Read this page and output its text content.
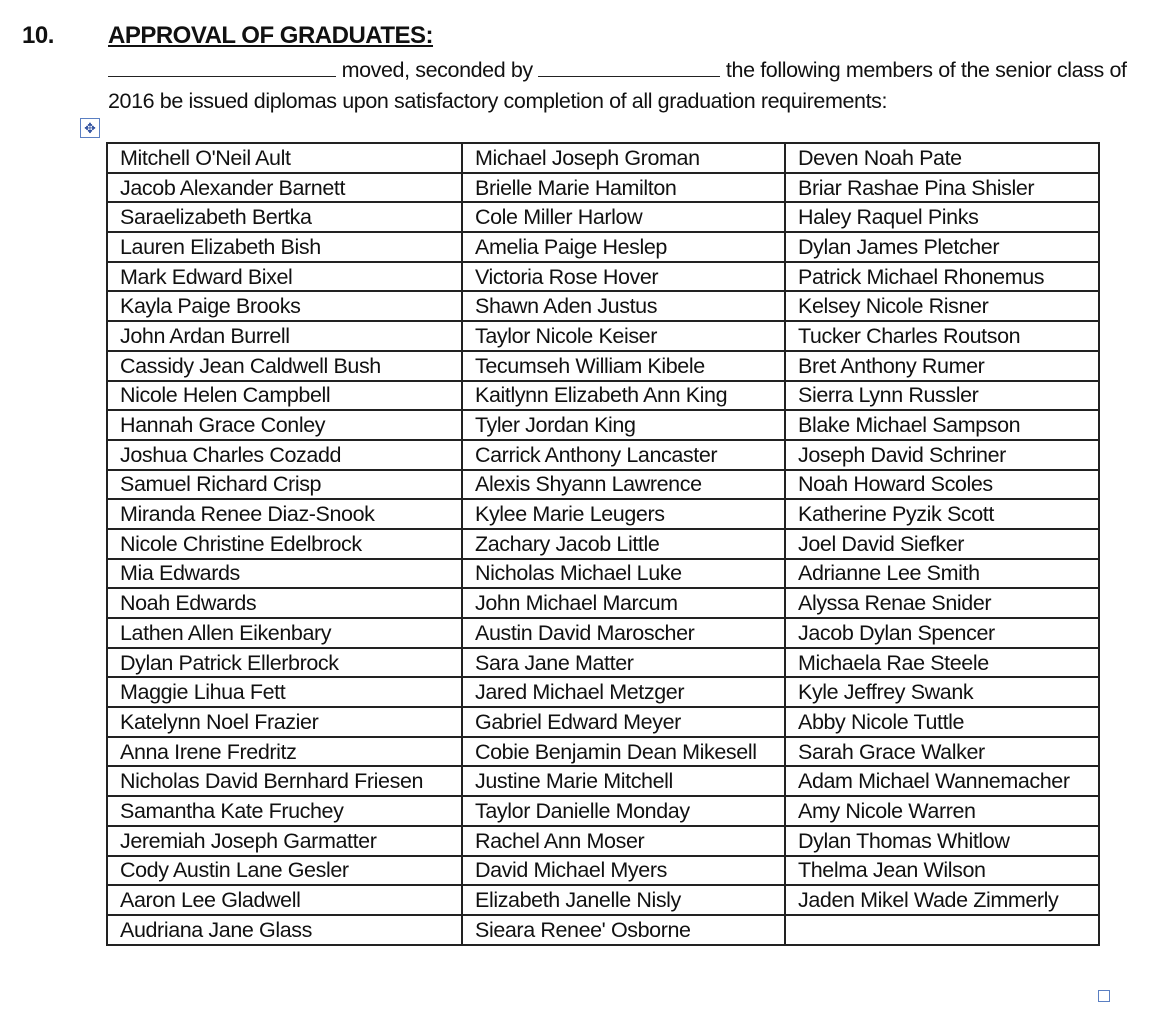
10. APPROVAL OF GRADUATES:
moved, seconded by	the following members of the senior class of 2016 be issued diplomas upon satisfactory completion of all graduation requirements:
✥
Mitchell O'Neil Ault	Michael Joseph Groman	Deven Noah Pate
Jacob Alexander Barnett	Brielle Marie Hamilton	Briar Rashae Pina Shisler
Saraelizabeth Bertka	Cole Miller Harlow	Haley Raquel Pinks
Lauren Elizabeth Bish	Amelia Paige Heslep	Dylan James Pletcher
Mark Edward Bixel	Victoria Rose Hover	Patrick Michael Rhonemus
Kayla Paige Brooks	Shawn Aden Justus	Kelsey Nicole Risner
John Ardan Burrell	Taylor Nicole Keiser	Tucker Charles Routson
Cassidy Jean Caldwell Bush	Tecumseh William Kibele	Bret Anthony Rumer
Nicole Helen Campbell	Kaitlynn Elizabeth Ann King	Sierra Lynn Russler
Hannah Grace Conley	Tyler Jordan King	Blake Michael Sampson
Joshua Charles Cozadd	Carrick Anthony Lancaster	Joseph David Schriner
Samuel Richard Crisp	Alexis Shyann Lawrence	Noah Howard Scoles
Miranda Renee Diaz-Snook	Kylee Marie Leugers	Katherine Pyzik Scott
Nicole Christine Edelbrock	Zachary Jacob Little	Joel David Siefker
Mia Edwards	Nicholas Michael Luke	Adrianne Lee Smith
Noah Edwards	John Michael Marcum	Alyssa Renae Snider
Lathen Allen Eikenbary	Austin David Maroscher	Jacob Dylan Spencer
Dylan Patrick Ellerbrock	Sara Jane Matter	Michaela Rae Steele
Maggie Lihua Fett	Jared Michael Metzger	Kyle Jeffrey Swank
Katelynn Noel Frazier	Gabriel Edward Meyer	Abby Nicole Tuttle
Anna Irene Fredritz	Cobie Benjamin Dean Mikesell	Sarah Grace Walker
Nicholas David Bernhard Friesen	Justine Marie Mitchell	Adam Michael Wannemacher
Samantha Kate Fruchey	Taylor Danielle Monday	Amy Nicole Warren
Jeremiah Joseph Garmatter	Rachel Ann Moser	Dylan Thomas Whitlow
Cody Austin Lane Gesler	David Michael Myers	Thelma Jean Wilson
Aaron Lee Gladwell	Elizabeth Janelle Nisly	Jaden Mikel Wade Zimmerly
Audriana Jane Glass	Sieara Renee' Osborne	
